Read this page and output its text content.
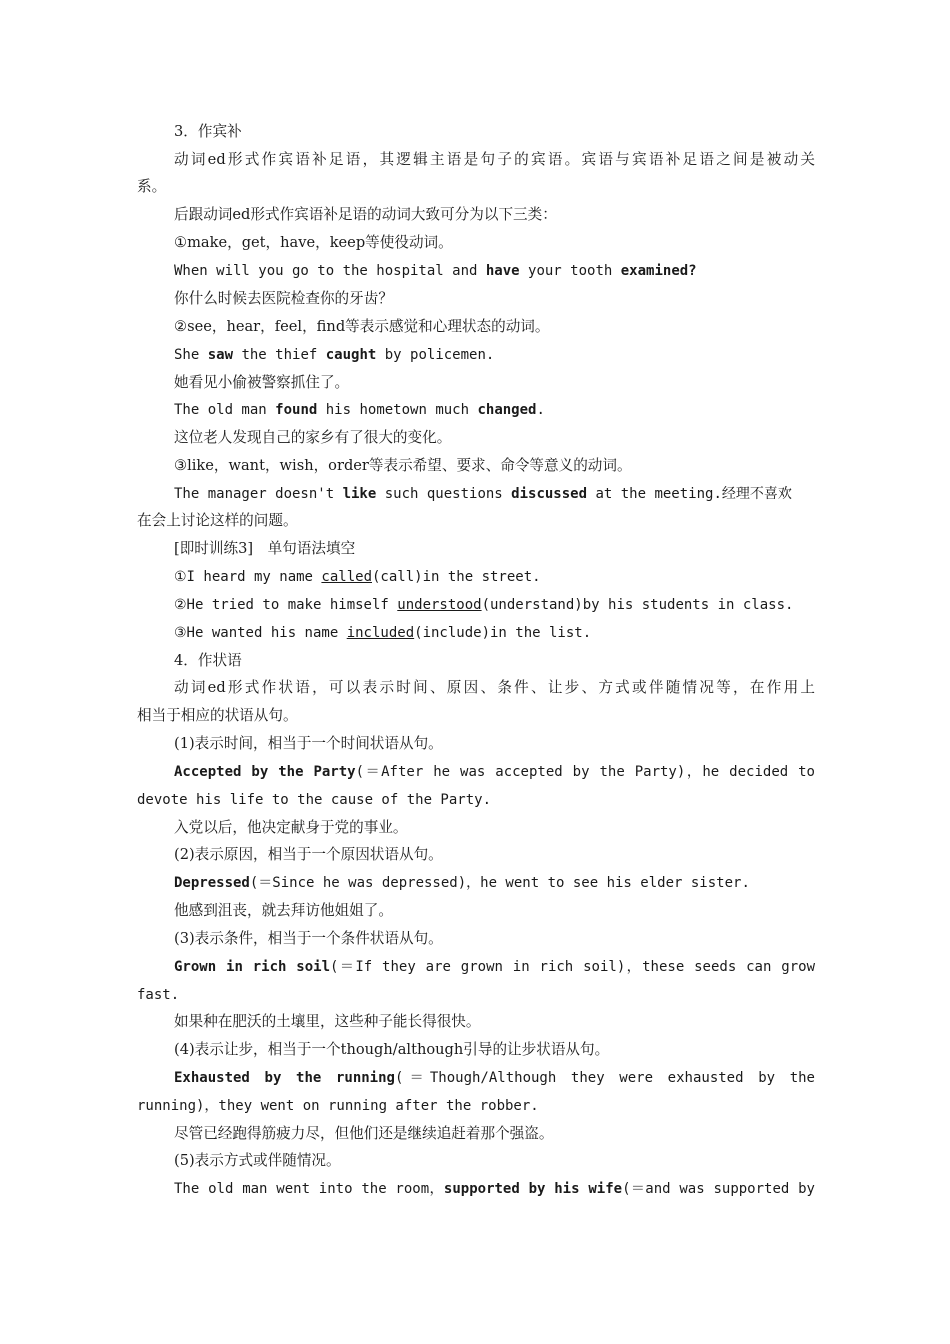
3．作宾补
动词ed形式作宾语补足语，其逻辑主语是句子的宾语。宾语与宾语补足语之间是被动关
系。
后跟动词ed形式作宾语补足语的动词大致可分为以下三类：
①make，get，have，keep等使役动词。
When will you go to the hospital and have your tooth examined?
你什么时候去医院检查你的牙齿？
②see，hear，feel，find等表示感觉和心理状态的动词。
She saw the thief caught by policemen.
她看见小偷被警察抓住了。
The old man found his hometown much changed.
这位老人发现自己的家乡有了很大的变化。
③like，want，wish，order等表示希望、要求、命令等意义的动词。
The manager doesn't like such questions discussed at the meeting.经理不喜欢
在会上讨论这样的问题。
[即时训练3]　单句语法填空
①I heard my name called(call)in the street.
②He tried to make himself understood(understand)by his students in class.
③He wanted his name included(include)in the list.
4．作状语
动词ed形式作状语，可以表示时间、原因、条件、让步、方式或伴随情况等，在作用上
相当于相应的状语从句。
(1)表示时间，相当于一个时间状语从句。
Accepted by the Party(＝After he was accepted by the Party)，he decided to
devote his life to the cause of the Party.
入党以后，他决定献身于党的事业。
(2)表示原因，相当于一个原因状语从句。
Depressed(＝Since he was depressed)，he went to see his elder sister.
他感到沮丧，就去拜访他姐姐了。
(3)表示条件，相当于一个条件状语从句。
Grown in rich soil(＝If they are grown in rich soil)，these seeds can grow
fast.
如果种在肥沃的土壤里，这些种子能长得很快。
(4)表示让步，相当于一个though/although引导的让步状语从句。
Exhausted by the running(＝Though/Although they were exhausted by the
running)，they went on running after the robber.
尽管已经跑得筋疲力尽，但他们还是继续追赶着那个强盗。
(5)表示方式或伴随情况。
The old man went into the room，supported by his wife(＝and was supported by
